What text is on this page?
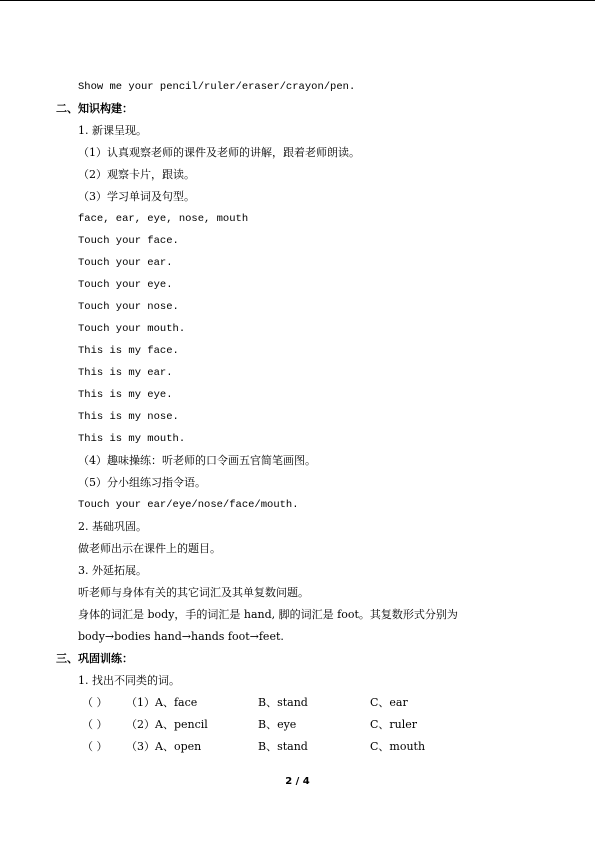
Show me your pencil/ruler/eraser/crayon/pen.
二、知识构建：
1. 新课呈现。
（1）认真观察老师的课件及老师的讲解，跟着老师朗读。
（2）观察卡片，跟读。
（3）学习单词及句型。
face, ear, eye, nose, mouth
Touch your face.
Touch your ear.
Touch your eye.
Touch your nose.
Touch your mouth.
This is my face.
This is my ear.
This is my eye.
This is my nose.
This is my mouth.
（4）趣味操练：听老师的口令画五官简笔画图。
（5）分小组练习指令语。
Touch your ear/eye/nose/face/mouth.
2. 基础巩固。
做老师出示在课件上的题目。
3. 外延拓展。
听老师与身体有关的其它词汇及其单复数问题。
身体的词汇是 body，手的词汇是 hand, 脚的词汇是 foot。其复数形式分别为
body→bodies hand→hands foot→feet.
三、巩固训练：
1. 找出不同类的词。
（ ） （1）A、face	B、stand	C、ear
（ ） （2）A、pencil	B、eye	C、ruler
（ ） （3）A、open	B、stand	C、mouth
2 / 4
